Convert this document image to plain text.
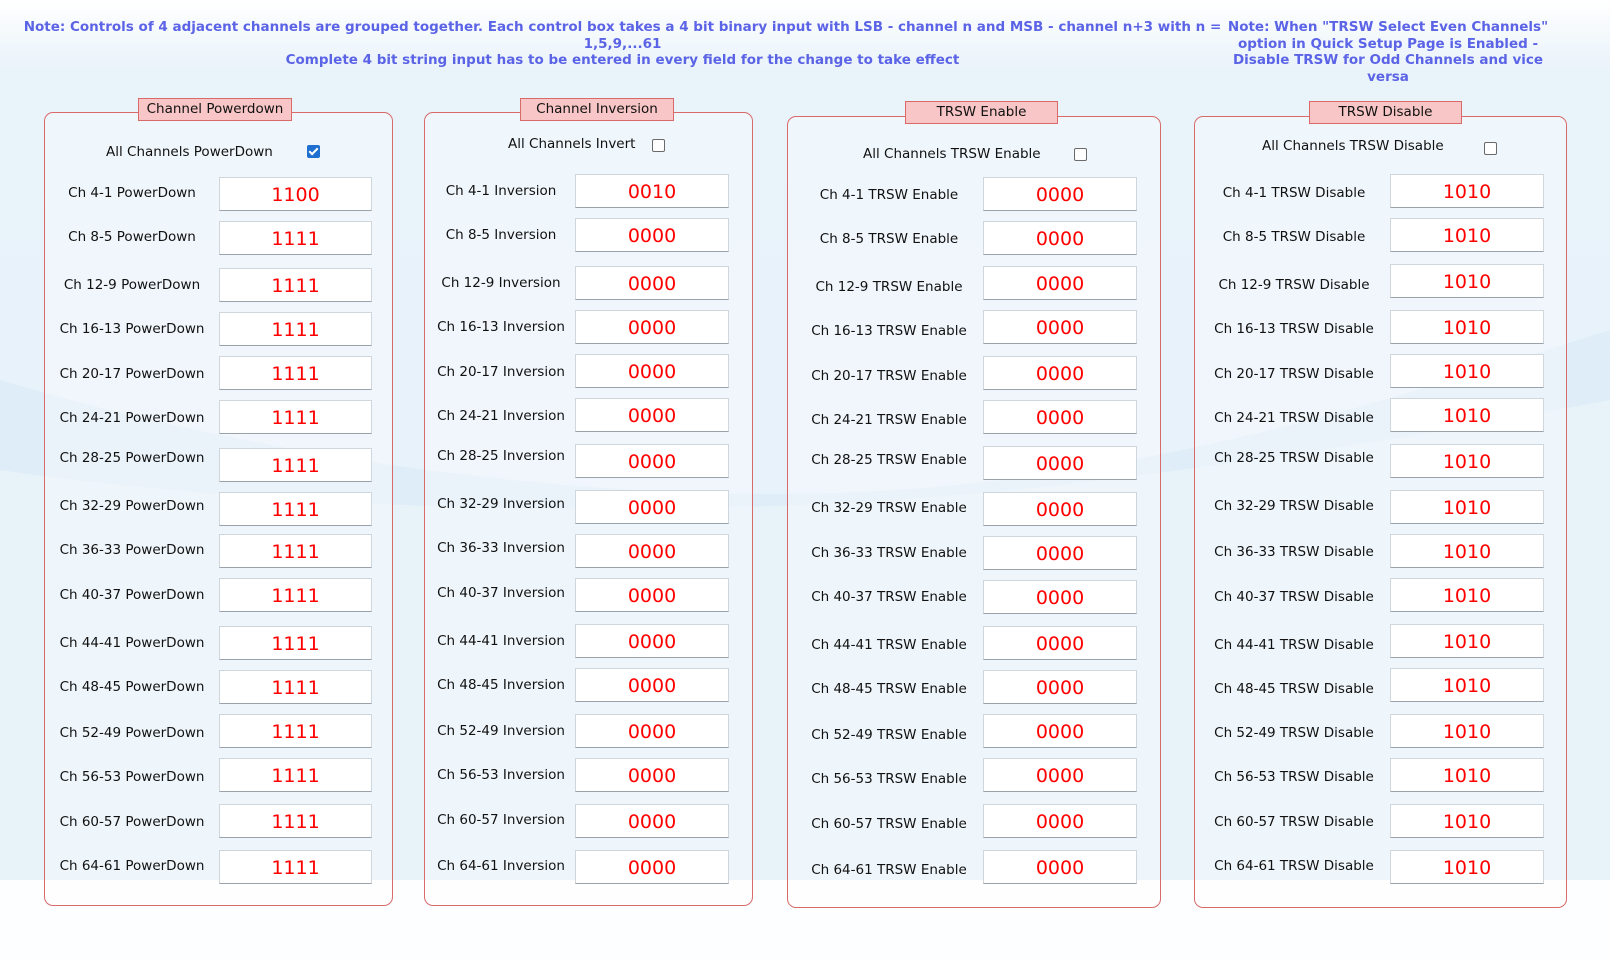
Note: Controls of 4 adjacent channels are grouped together. Each control box takes a 4 bit binary input with LSB - channel n and MSB - channel n+3 with n = 1,5,9,...61
Complete 4 bit string input has to be entered in every field for the change to take effect
Note: When "TRSW Select Even Channels"
option in Quick Setup Page is Enabled -
Disable TRSW for Odd Channels and vice versa
Channel Powerdown	Channel Inversion	TRSW Enable	TRSW Disable
All Channels PowerDown	All Channels Invert
All Channels TRSW Enable	All Channels TRSW Disable
Ch 4-1 PowerDown	1100
Ch 8-5 PowerDown	1111
Ch 12-9 PowerDown	1111
Ch 16-13 PowerDown	1111
Ch 20-17 PowerDown	1111
Ch 24-21 PowerDown	1111
Ch 28-25 PowerDown	1111
Ch 32-29 PowerDown	1111
Ch 36-33 PowerDown	1111
Ch 40-37 PowerDown	1111
Ch 44-41 PowerDown	1111
Ch 48-45 PowerDown	1111
Ch 52-49 PowerDown	1111
Ch 56-53 PowerDown	1111
Ch 60-57 PowerDown	1111
Ch 64-61 PowerDown	1111
Ch 4-1 Inversion	0010
Ch 8-5 Inversion	0000
Ch 12-9 Inversion	0000
Ch 16-13 Inversion	0000
Ch 20-17 Inversion	0000
Ch 24-21 Inversion	0000
Ch 28-25 Inversion	0000
Ch 32-29 Inversion	0000
Ch 36-33 Inversion	0000
Ch 40-37 Inversion	0000
Ch 44-41 Inversion	0000
Ch 48-45 Inversion	0000
Ch 52-49 Inversion	0000
Ch 56-53 Inversion	0000
Ch 60-57 Inversion	0000
Ch 64-61 Inversion	0000
Ch 4-1 TRSW Enable	0000
Ch 8-5 TRSW Enable	0000
Ch 12-9 TRSW Enable	0000
Ch 16-13 TRSW Enable	0000
Ch 20-17 TRSW Enable	0000
Ch 24-21 TRSW Enable	0000
Ch 28-25 TRSW Enable	0000
Ch 32-29 TRSW Enable	0000
Ch 36-33 TRSW Enable	0000
Ch 40-37 TRSW Enable	0000
Ch 44-41 TRSW Enable	0000
Ch 48-45 TRSW Enable	0000
Ch 52-49 TRSW Enable	0000
Ch 56-53 TRSW Enable	0000
Ch 60-57 TRSW Enable	0000
Ch 64-61 TRSW Enable	0000
Ch 4-1 TRSW Disable	1010
Ch 8-5 TRSW Disable	1010
Ch 12-9 TRSW Disable	1010
Ch 16-13 TRSW Disable	1010
Ch 20-17 TRSW Disable	1010
Ch 24-21 TRSW Disable	1010
Ch 28-25 TRSW Disable	1010
Ch 32-29 TRSW Disable	1010
Ch 36-33 TRSW Disable	1010
Ch 40-37 TRSW Disable	1010
Ch 44-41 TRSW Disable	1010
Ch 48-45 TRSW Disable	1010
Ch 52-49 TRSW Disable	1010
Ch 56-53 TRSW Disable	1010
Ch 60-57 TRSW Disable	1010
Ch 64-61 TRSW Disable	1010
